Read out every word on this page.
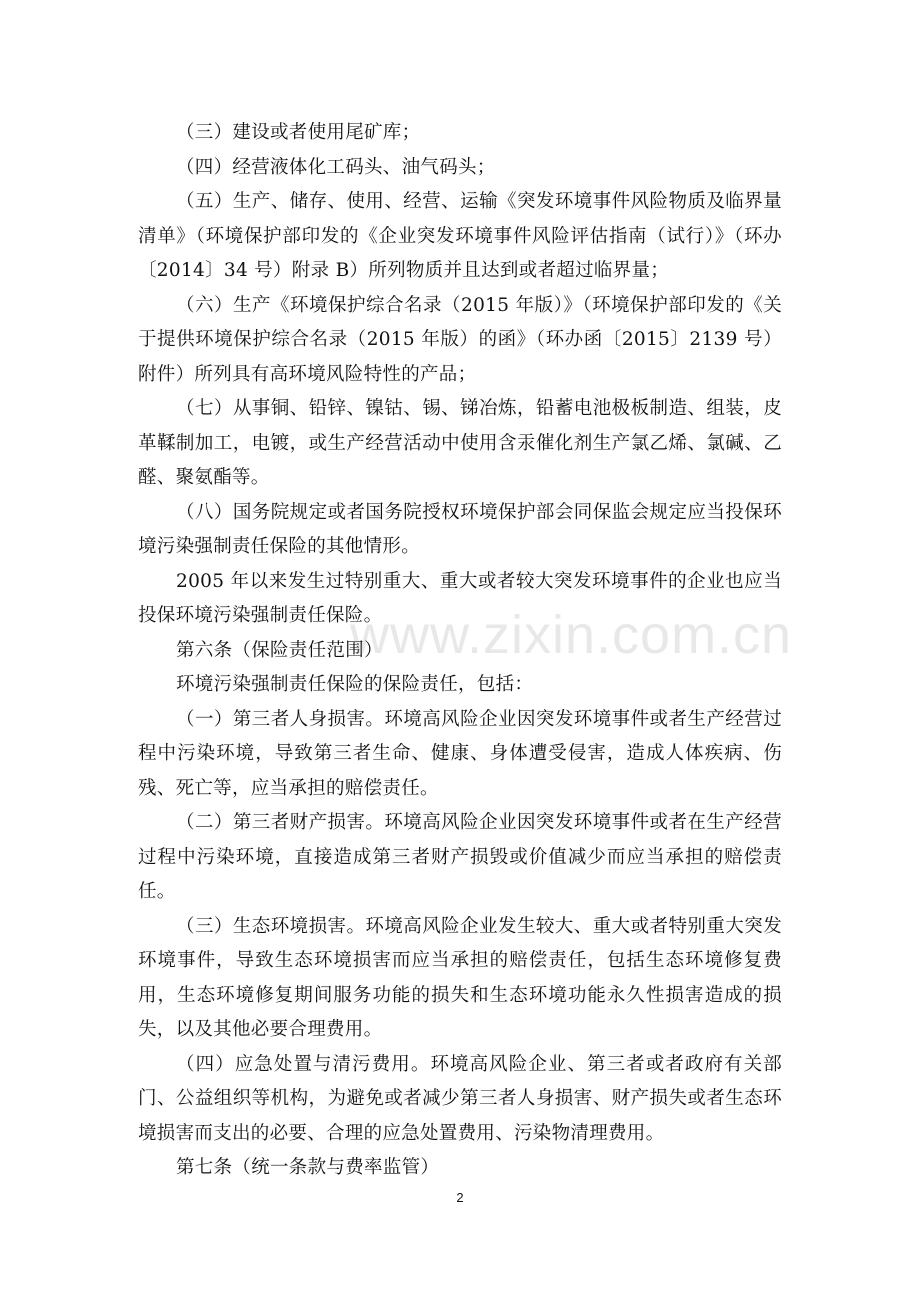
（三）建设或者使用尾矿库；

（四）经营液体化工码头、油气码头；

（五）生产、储存、使用、经营、运输《突发环境事件风险物质及临界量清单》（环境保护部印发的《企业突发环境事件风险评估指南（试行）》（环办〔2014〕34 号）附录 B）所列物质并且达到或者超过临界量；

（六）生产《环境保护综合名录（2015 年版）》（环境保护部印发的《关于提供环境保护综合名录（2015 年版）的函》（环办函〔2015〕2139 号）附件）所列具有高环境风险特性的产品；

（七）从事铜、铅锌、镍钴、锡、锑冶炼，铅蓄电池极板制造、组装，皮革鞣制加工，电镀，或生产经营活动中使用含汞催化剂生产氯乙烯、氯碱、乙醛、聚氨酯等。

（八）国务院规定或者国务院授权环境保护部会同保监会规定应当投保环境污染强制责任保险的其他情形。

2005 年以来发生过特别重大、重大或者较大突发环境事件的企业也应当投保环境污染强制责任保险。

第六条（保险责任范围）

环境污染强制责任保险的保险责任，包括：

（一）第三者人身损害。环境高风险企业因突发环境事件或者生产经营过程中污染环境，导致第三者生命、健康、身体遭受侵害，造成人体疾病、伤残、死亡等，应当承担的赔偿责任。

（二）第三者财产损害。环境高风险企业因突发环境事件或者在生产经营过程中污染环境，直接造成第三者财产损毁或价值减少而应当承担的赔偿责任。

（三）生态环境损害。环境高风险企业发生较大、重大或者特别重大突发环境事件，导致生态环境损害而应当承担的赔偿责任，包括生态环境修复费用，生态环境修复期间服务功能的损失和生态环境功能永久性损害造成的损失，以及其他必要合理费用。

（四）应急处置与清污费用。环境高风险企业、第三者或者政府有关部门、公益组织等机构，为避免或者减少第三者人身损害、财产损失或者生态环境损害而支出的必要、合理的应急处置费用、污染物清理费用。

第七条（统一条款与费率监管）

www.zixin.com.cn
2
